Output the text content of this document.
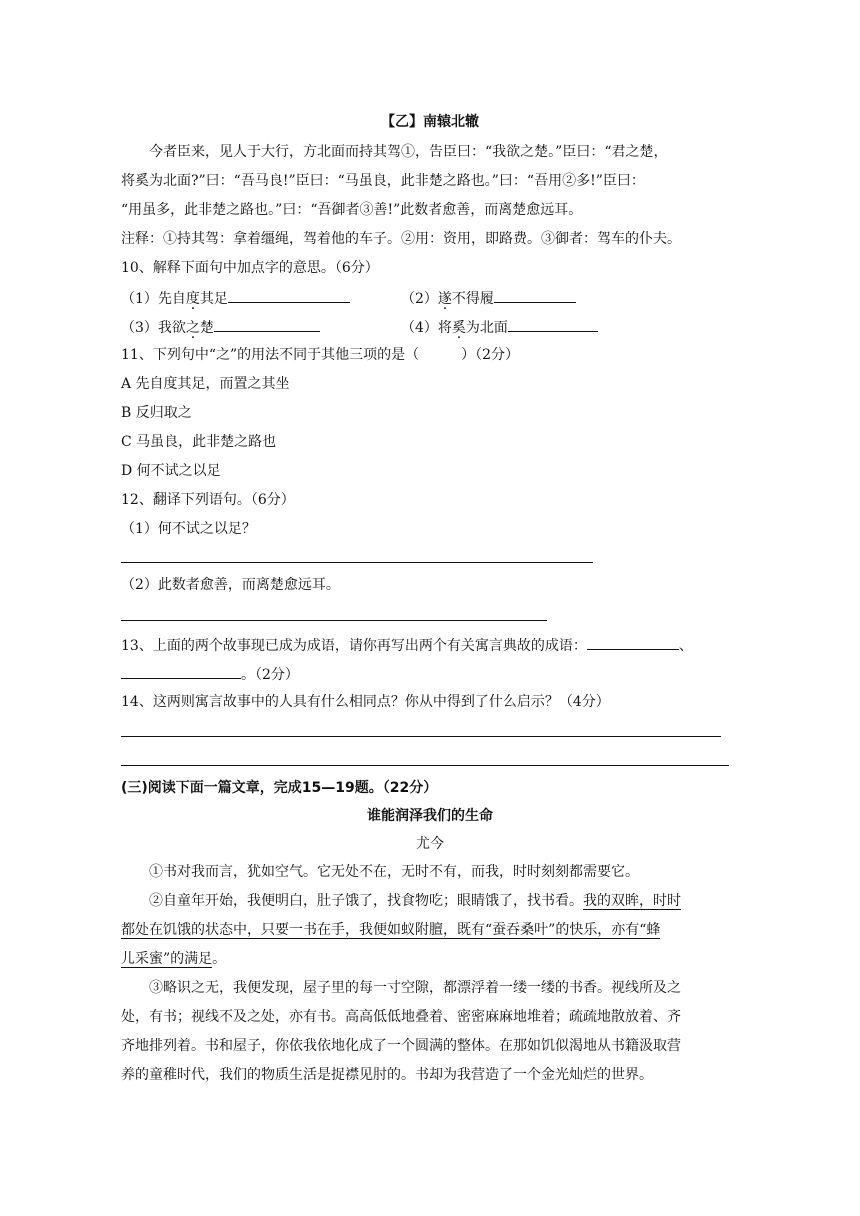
【乙】南辕北辙
今者臣来，见人于大行，方北面而持其驾①，告臣曰：“我欲之楚。”臣曰：“君之楚，
将奚为北面?”曰：“吾马良!”臣曰：“马虽良，此非楚之路也。”曰：“吾用②多!”臣曰：
“用虽多，此非楚之路也。”曰：“吾御者③善!”此数者愈善，而离楚愈远耳。
注释：①持其驾：拿着缰绳，驾着他的车子。②用：资用，即路费。③御者：驾车的仆夫。
10、解释下面句中加点字的意思。（6分）
（1）先自度其足	（2）遂不得履
（3）我欲之楚	（4）将奚为北面
11、下列句中“之”的用法不同于其他三项的是（　　　）（2分）
A 先自度其足，而置之其坐
B 反归取之
C 马虽良，此非楚之路也
D 何不试之以足
12、翻译下列语句。（6分）
（1）何不试之以足？
（2）此数者愈善，而离楚愈远耳。
13、上面的两个故事现已成为成语，请你再写出两个有关寓言典故的成语：	、
。（2分）
14、这两则寓言故事中的人具有什么相同点？你从中得到了什么启示？（4分）
(三)阅读下面一篇文章，完成15—19题。（22分）
谁能润泽我们的生命
尤今
①书对我而言，犹如空气。它无处不在，无时不有，而我，时时刻刻都需要它。
②自童年开始，我便明白，肚子饿了，找食物吃；眼睛饿了，找书看。我的双眸，时时
都处在饥饿的状态中，只要一书在手，我便如蚁附膻，既有“蚕吞桑叶”的快乐，亦有“蜂
儿采蜜”的满足。
③略识之无，我便发现，屋子里的每一寸空隙，都漂浮着一缕一缕的书香。视线所及之
处，有书；视线不及之处，亦有书。高高低低地叠着、密密麻麻地堆着；疏疏地散放着、齐
齐地排列着。书和屋子，你依我依地化成了一个圆满的整体。在那如饥似渴地从书籍汲取营
养的童稚时代，我们的物质生活是捉襟见肘的。书却为我营造了一个金光灿烂的世界。
